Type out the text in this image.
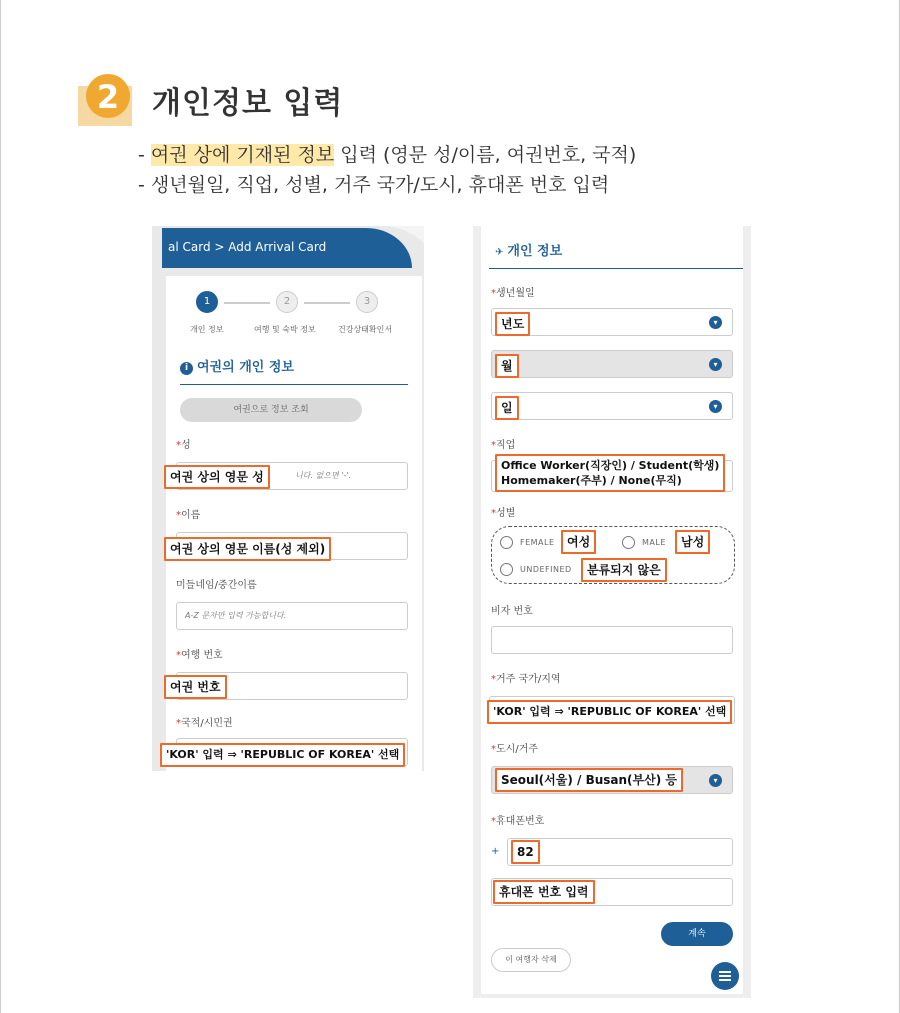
2 개인정보 입력
- 여권 상에 기재된 정보 입력 (영문 성/이름, 여권번호, 국적)
- 생년월일, 직업, 성별, 거주 국가/도시, 휴대폰 번호 입력
al Card > Add Arrival Card
1	2	3
개인 정보	여행 및 숙박 정보	건강상태확인서
i 여권의 개인 정보
여권으로 정보 조회
*성
니다. 없으면 '-'.
*이름
미들네임/중간이름
A-Z 문자만 입력 가능합니다.
*여행 번호
*국적/시민권
여권 상의 영문 성
여권 상의 영문 이름(성 제외)
여권 번호
'KOR' 입력 ⇒ 'REPUBLIC OF KOREA' 선택
✈ 개인 정보
*생년월일
▾
▾
▾
*직업
*성별
FEMALE	MALE
UNDEFINED
비자 번호
*거주 국가/지역
*도시/거주
▾
*휴대폰번호
+
계속
이 여행자 삭제
년도
월
일
Office Worker(직장인) / Student(학생)
Homemaker(주부) / None(무직)
여성	남성
분류되지 않은
'KOR' 입력 ⇒ 'REPUBLIC OF KOREA' 선택
Seoul(서울) / Busan(부산) 등
82
휴대폰 번호 입력
